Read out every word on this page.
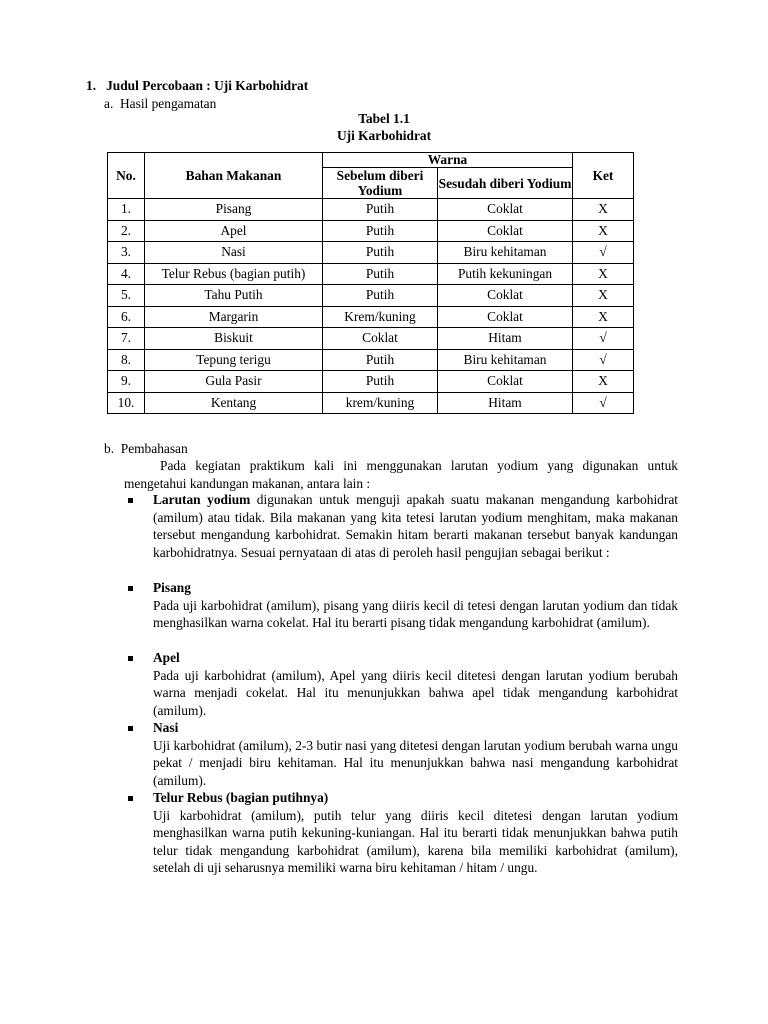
1. Judul Percobaan : Uji Karbohidrat
a. Hasil pengamatan
Tabel 1.1
Uji Karbohidrat
No.	Bahan Makanan	Warna		Ket
		Sebelum diberi Yodium	Sesudah diberi Yodium	
1.	Pisang	Putih	Coklat	X
2.	Apel	Putih	Coklat	X
3.	Nasi	Putih	Biru kehitaman	√
4.	Telur Rebus (bagian putih)	Putih	Putih kekuningan	X
5.	Tahu Putih	Putih	Coklat	X
6.	Margarin	Krem/kuning	Coklat	X
7.	Biskuit	Coklat	Hitam	√
8.	Tepung terigu	Putih	Biru kehitaman	√
9.	Gula Pasir	Putih	Coklat	X
10.	Kentang	krem/kuning	Hitam	√
b. Pembahasan
Pada kegiatan praktikum kali ini menggunakan larutan yodium yang digunakan untuk mengetahui kandungan makanan, antara lain :
Larutan yodium digunakan untuk menguji apakah suatu makanan mengandung karbohidrat (amilum) atau tidak. Bila makanan yang kita tetesi larutan yodium menghitam, maka makanan tersebut mengandung karbohidrat. Semakin hitam berarti makanan tersebut banyak kandungan karbohidratnya. Sesuai pernyataan di atas di peroleh hasil pengujian sebagai berikut :
Pisang
Pada uji karbohidrat (amilum), pisang yang diiris kecil di tetesi dengan larutan yodium dan tidak menghasilkan warna cokelat. Hal itu berarti pisang tidak mengandung karbohidrat (amilum).
Apel
Pada uji karbohidrat (amilum), Apel yang diiris kecil ditetesi dengan larutan yodium berubah warna menjadi cokelat. Hal itu menunjukkan bahwa apel tidak mengandung karbohidrat (amilum).
Nasi
Uji karbohidrat (amilum), 2-3 butir nasi yang ditetesi dengan larutan yodium berubah warna ungu pekat / menjadi biru kehitaman. Hal itu menunjukkan bahwa nasi mengandung karbohidrat (amilum).
Telur Rebus (bagian putihnya)
Uji karbohidrat (amilum), putih telur yang diiris kecil ditetesi dengan larutan yodium menghasilkan warna putih kekuning-kuniangan. Hal itu berarti tidak menunjukkan bahwa putih telur tidak mengandung karbohidrat (amilum), karena bila memiliki karbohidrat (amilum), setelah di uji seharusnya memiliki warna biru kehitaman / hitam / ungu.
